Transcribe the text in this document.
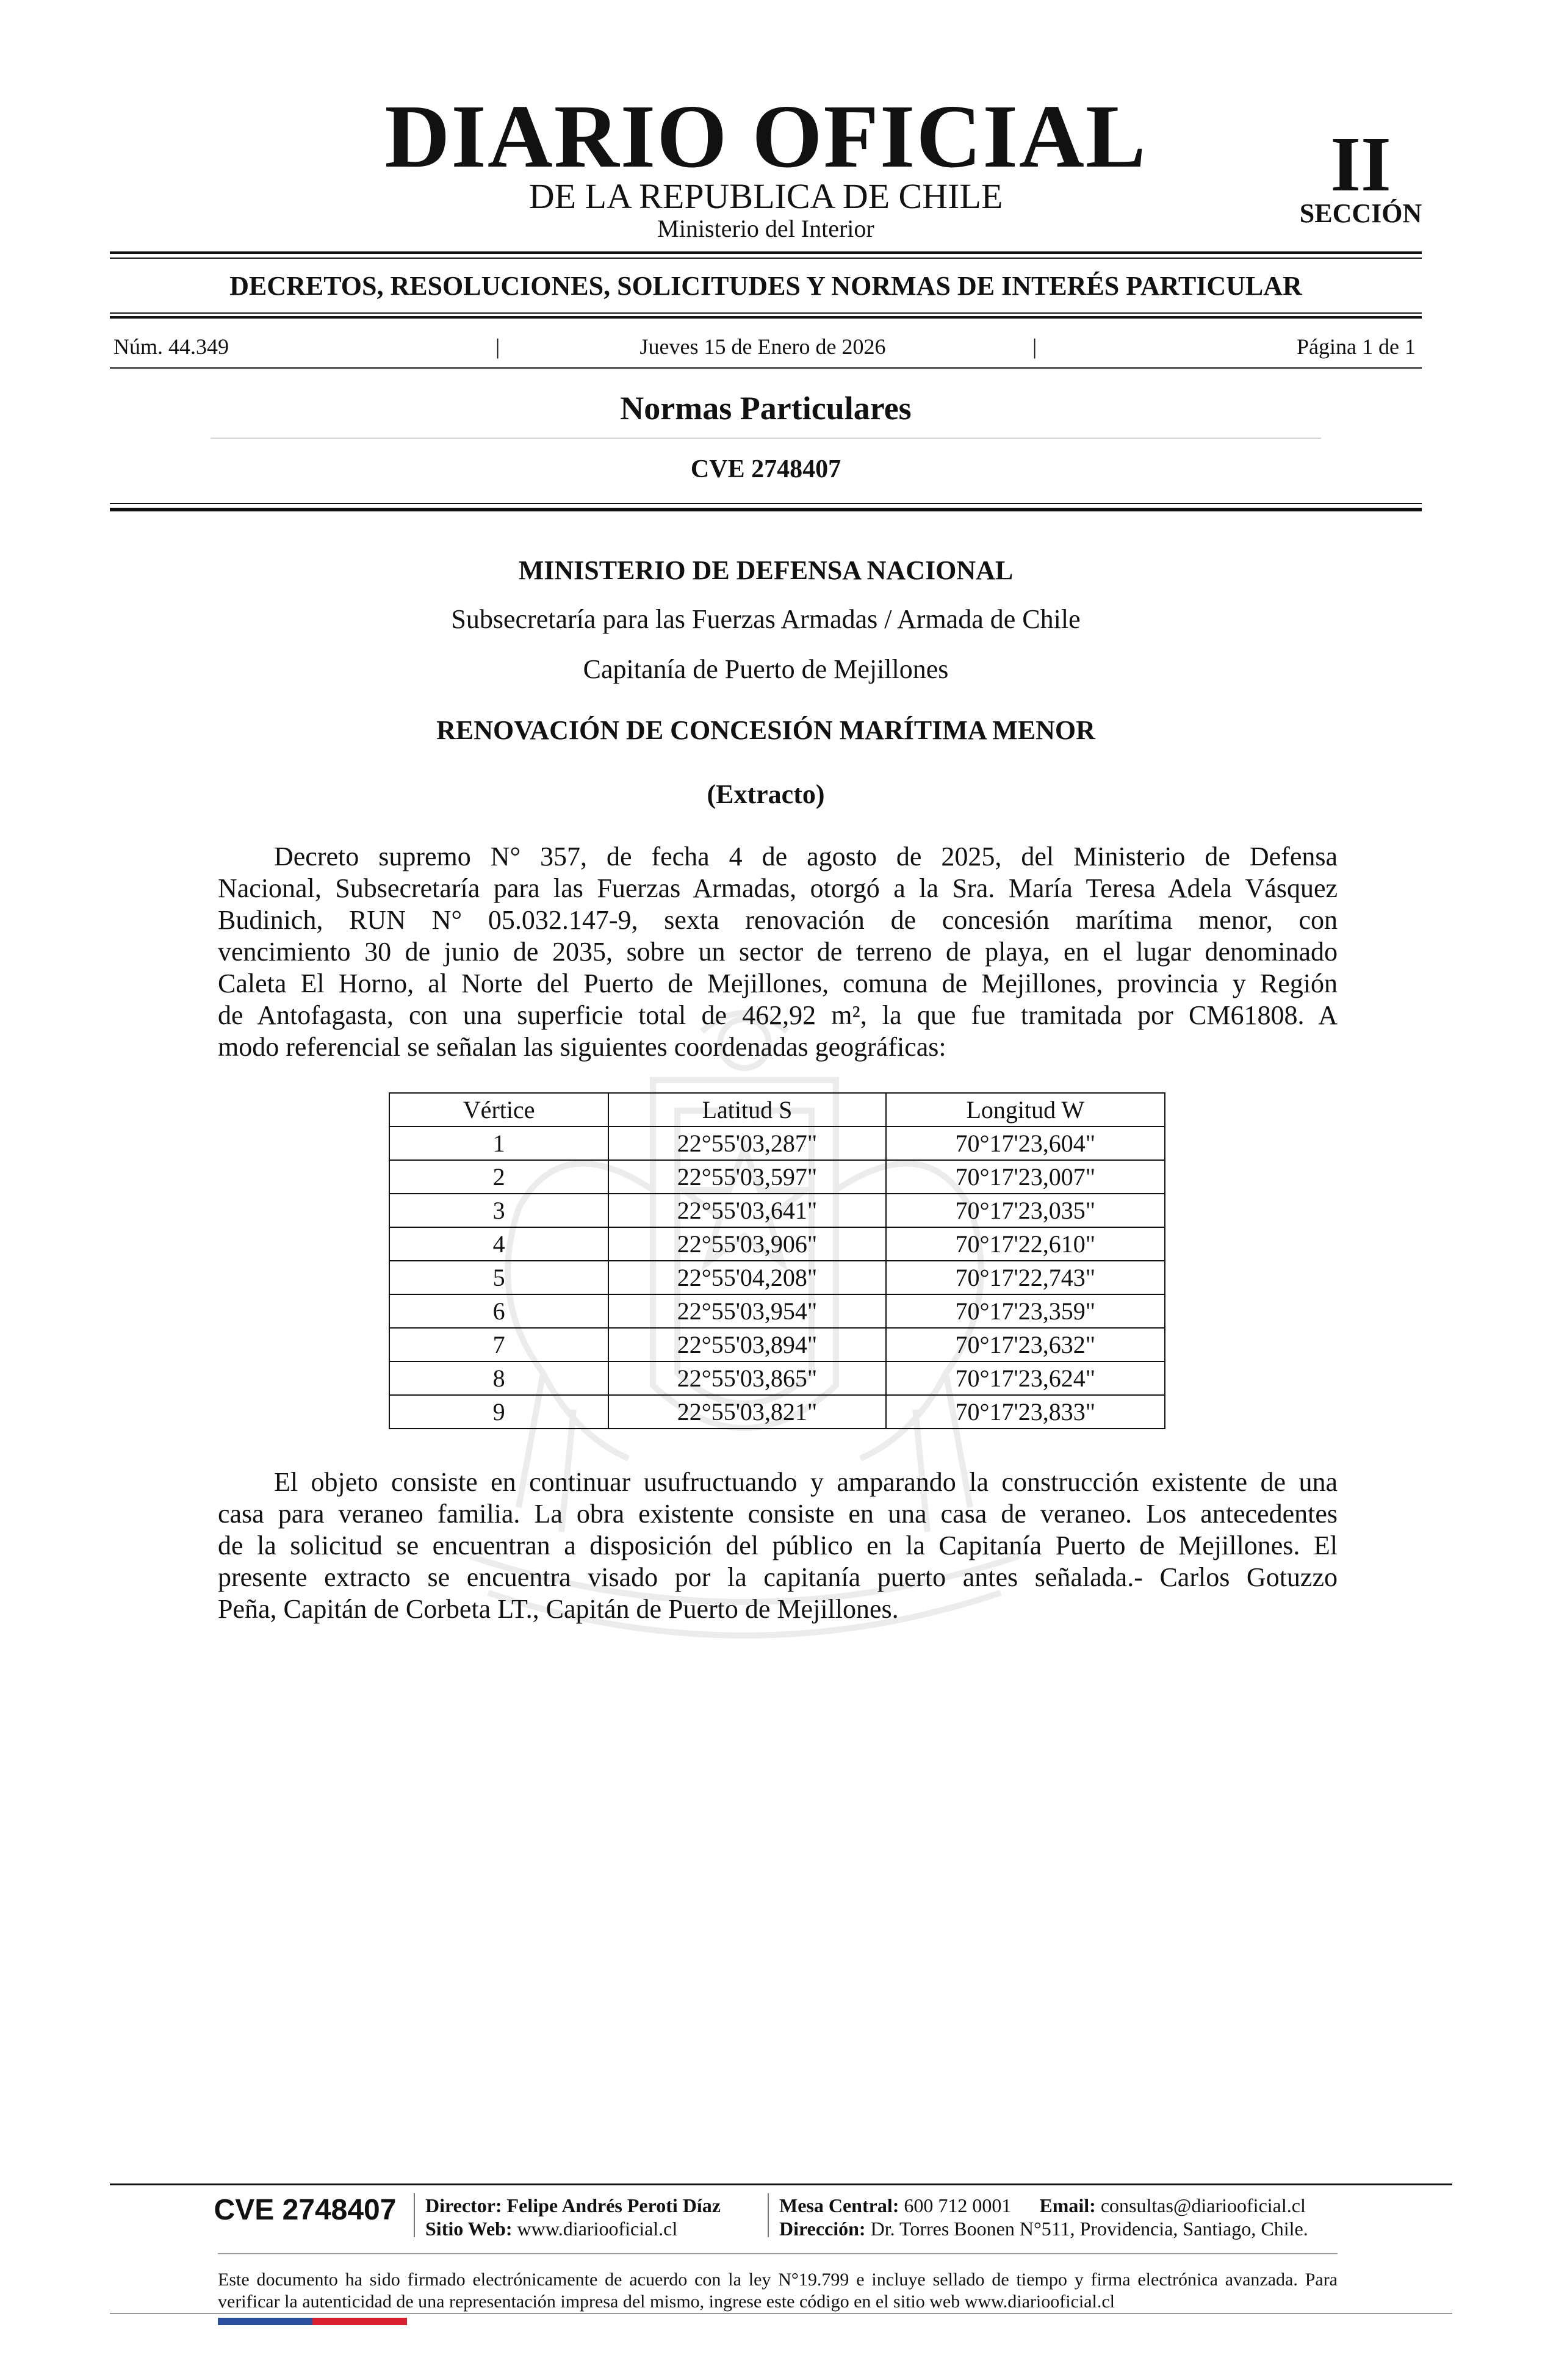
DIARIO OFICIAL
DE LA REPUBLICA DE CHILE
Ministerio del Interior
II
SECCIÓN
DECRETOS, RESOLUCIONES, SOLICITUDES Y NORMAS DE INTERÉS PARTICULAR
Núm. 44.349	|	Jueves 15 de Enero de 2026	|	Página 1 de 1
Normas Particulares
CVE 2748407
MINISTERIO DE DEFENSA NACIONAL
Subsecretaría para las Fuerzas Armadas / Armada de Chile
Capitanía de Puerto de Mejillones
RENOVACIÓN DE CONCESIÓN MARÍTIMA MENOR
(Extracto)
Decreto supremo N° 357, de fecha 4 de agosto de 2025, del Ministerio de Defensa
Nacional, Subsecretaría para las Fuerzas Armadas, otorgó a la Sra. María Teresa Adela Vásquez
Budinich, RUN N° 05.032.147-9, sexta renovación de concesión marítima menor, con
vencimiento 30 de junio de 2035, sobre un sector de terreno de playa, en el lugar denominado
Caleta El Horno, al Norte del Puerto de Mejillones, comuna de Mejillones, provincia y Región
de Antofagasta, con una superficie total de 462,92 m², la que fue tramitada por CM61808. A
modo referencial se señalan las siguientes coordenadas geográficas:
Vértice	Latitud S	Longitud W
1	22°55'03,287"	70°17'23,604"
2	22°55'03,597"	70°17'23,007"
3	22°55'03,641"	70°17'23,035"
4	22°55'03,906"	70°17'22,610"
5	22°55'04,208"	70°17'22,743"
6	22°55'03,954"	70°17'23,359"
7	22°55'03,894"	70°17'23,632"
8	22°55'03,865"	70°17'23,624"
9	22°55'03,821"	70°17'23,833"
El objeto consiste en continuar usufructuando y amparando la construcción existente de una
casa para veraneo familia. La obra existente consiste en una casa de veraneo. Los antecedentes
de la solicitud se encuentran a disposición del público en la Capitanía Puerto de Mejillones. El
presente extracto se encuentra visado por la capitanía puerto antes señalada.- Carlos Gotuzzo
Peña, Capitán de Corbeta LT., Capitán de Puerto de Mejillones.
CVE 2748407	Director: Felipe Andrés Peroti Díaz
Sitio Web: www.diariooficial.cl
Mesa Central: 600 712 0001 Email: consultas@diariooficial.cl
Dirección: Dr. Torres Boonen N°511, Providencia, Santiago, Chile.
Este documento ha sido firmado electrónicamente de acuerdo con la ley N°19.799 e incluye sellado de tiempo y firma electrónica avanzada. Para verificar la autenticidad de una representación impresa del mismo, ingrese este código en el sitio web www.diariooficial.cl
